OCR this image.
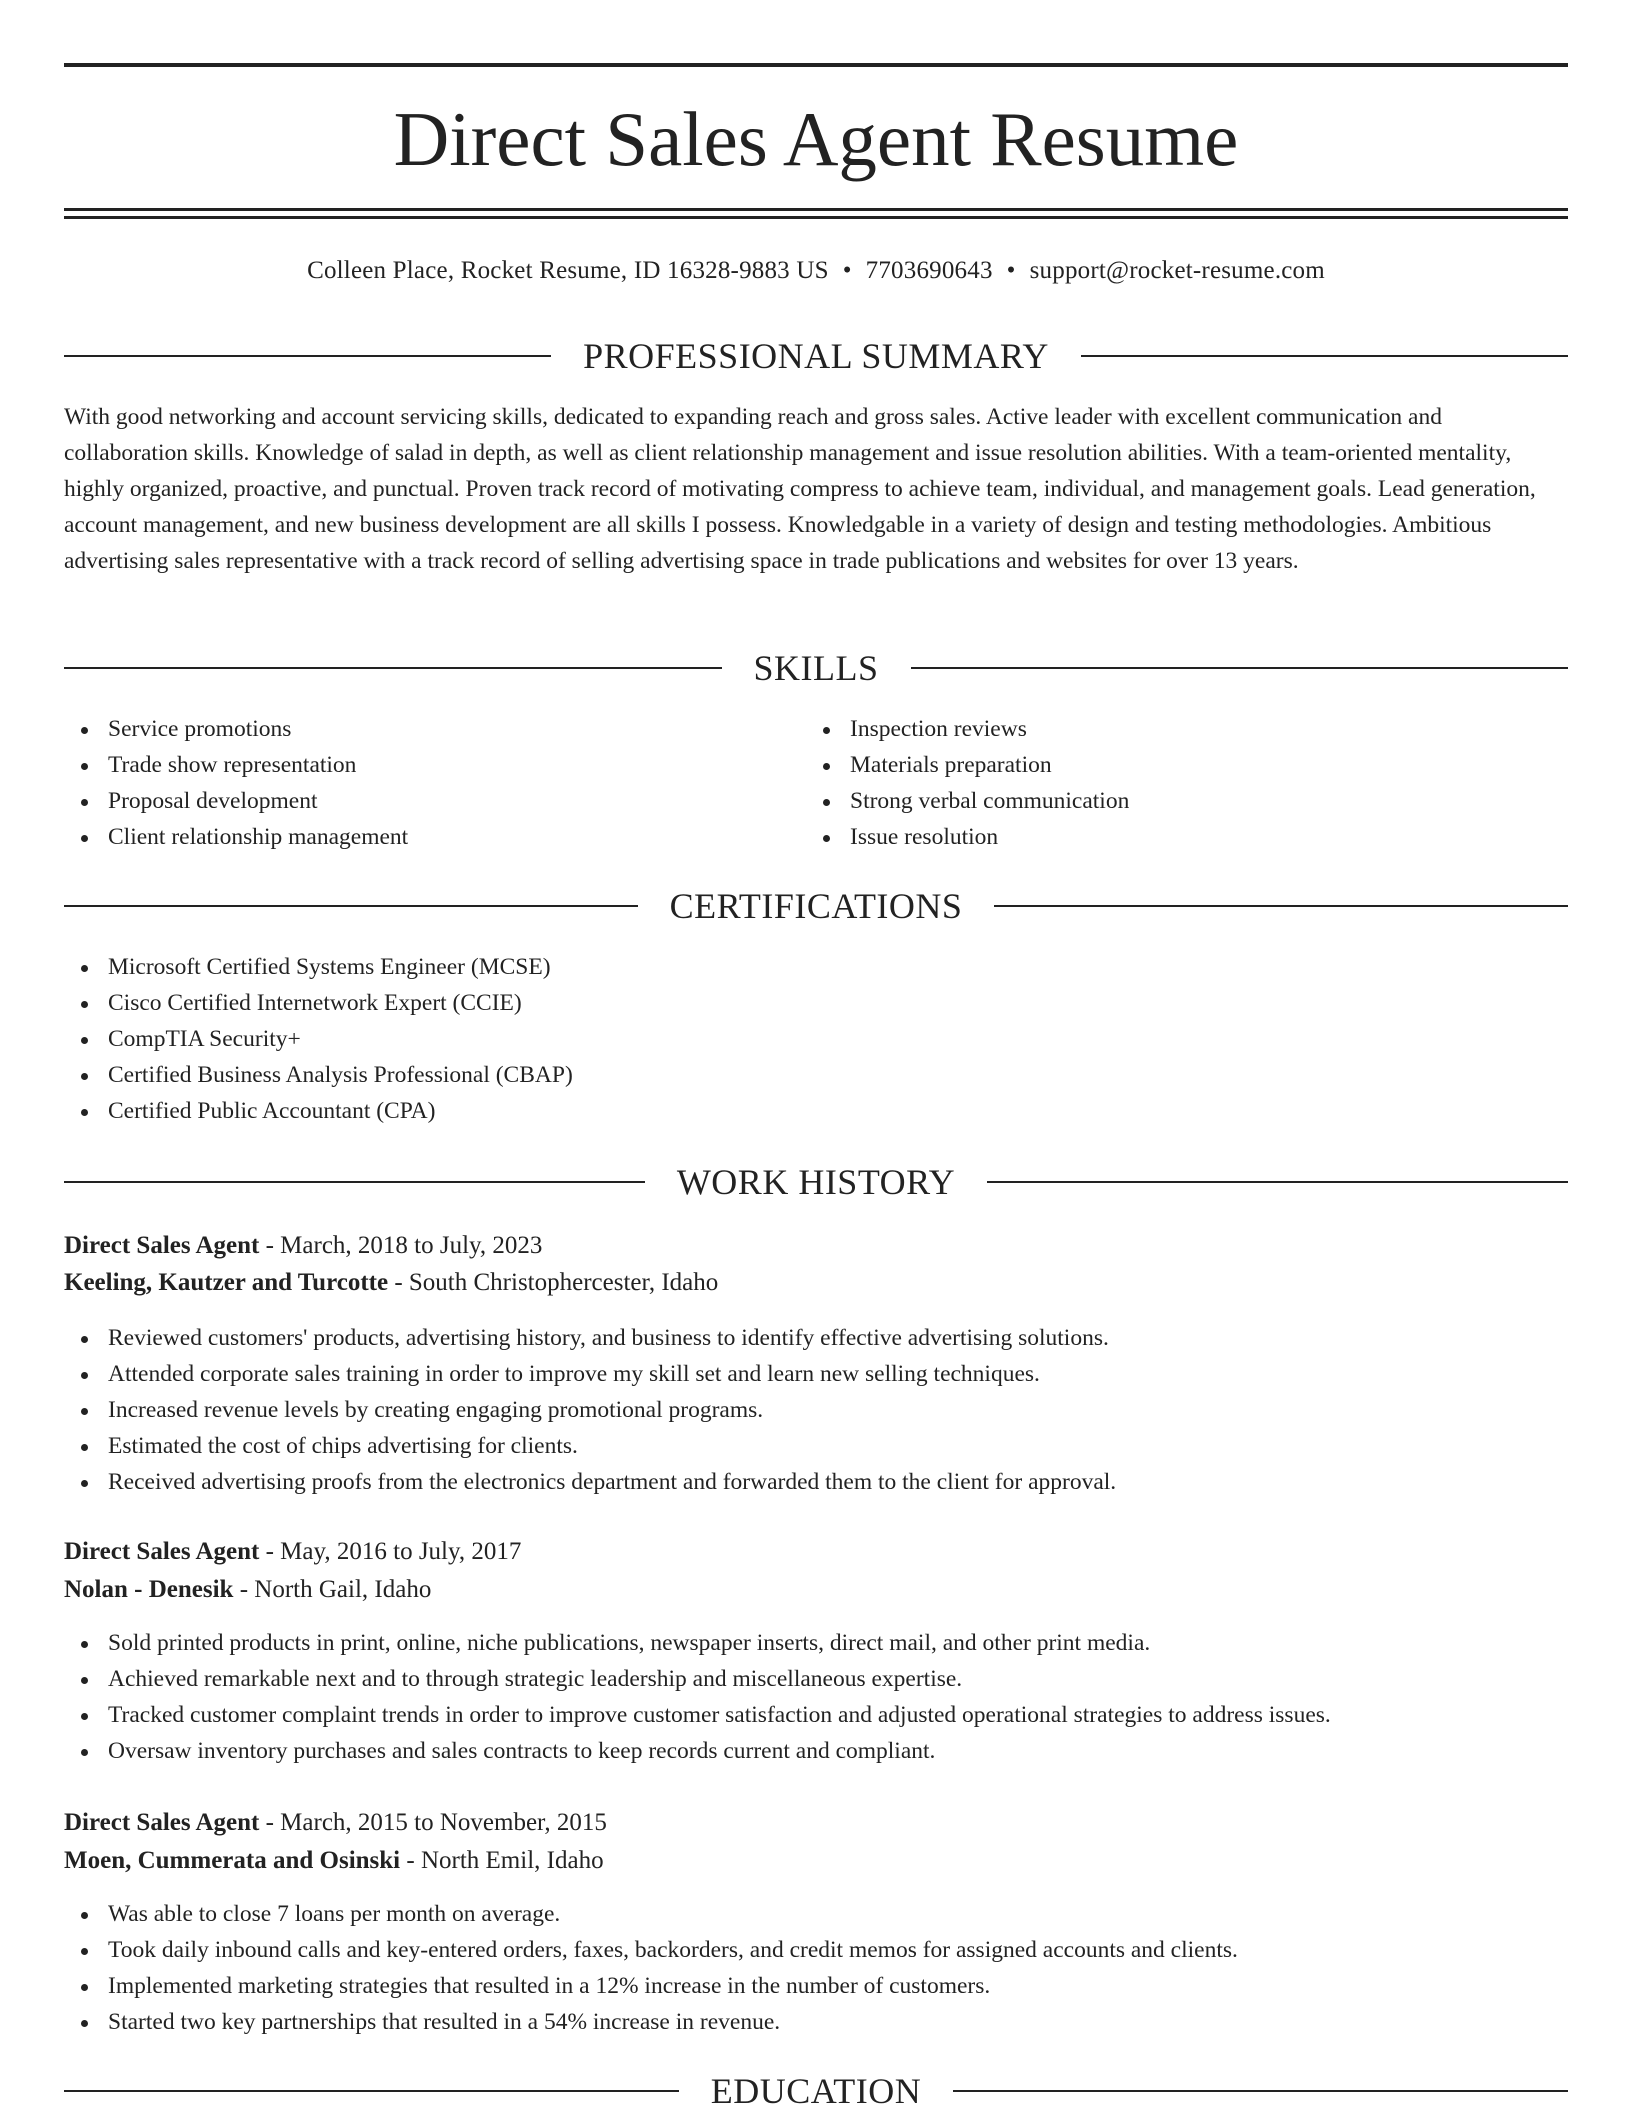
Direct Sales Agent Resume
Colleen Place, Rocket Resume, ID 16328-9883 US • 7703690643 • support@rocket-resume.com
PROFESSIONAL SUMMARY

With good networking and account servicing skills, dedicated to expanding reach and gross sales. Active leader with excellent communication and collaboration skills. Knowledge of salad in depth, as well as client relationship management and issue resolution abilities. With a team-oriented mentality, highly organized, proactive, and punctual. Proven track record of motivating compress to achieve team, individual, and management goals. Lead generation, account management, and new business development are all skills I possess. Knowledgable in a variety of design and testing methodologies. Ambitious advertising sales representative with a track record of selling advertising space in trade publications and websites for over 13 years.

SKILLS
Service promotions
Trade show representation
Proposal development
Client relationship management
Inspection reviews
Materials preparation
Strong verbal communication
Issue resolution
CERTIFICATIONS
Microsoft Certified Systems Engineer (MCSE)
Cisco Certified Internetwork Expert (CCIE)
CompTIA Security+
Certified Business Analysis Professional (CBAP)
Certified Public Accountant (CPA)
WORK HISTORY
Direct Sales Agent - March, 2018 to July, 2023
Keeling, Kautzer and Turcotte - South Christophercester, Idaho
Reviewed customers' products, advertising history, and business to identify effective advertising solutions.
Attended corporate sales training in order to improve my skill set and learn new selling techniques.
Increased revenue levels by creating engaging promotional programs.
Estimated the cost of chips advertising for clients.
Received advertising proofs from the electronics department and forwarded them to the client for approval.
Direct Sales Agent - May, 2016 to July, 2017
Nolan - Denesik - North Gail, Idaho
Sold printed products in print, online, niche publications, newspaper inserts, direct mail, and other print media.
Achieved remarkable next and to through strategic leadership and miscellaneous expertise.
Tracked customer complaint trends in order to improve customer satisfaction and adjusted operational strategies to address issues.
Oversaw inventory purchases and sales contracts to keep records current and compliant.
Direct Sales Agent - March, 2015 to November, 2015
Moen, Cummerata and Osinski - North Emil, Idaho
Was able to close 7 loans per month on average.
Took daily inbound calls and key-entered orders, faxes, backorders, and credit memos for assigned accounts and clients.
Implemented marketing strategies that resulted in a 12% increase in the number of customers.
Started two key partnerships that resulted in a 54% increase in revenue.
EDUCATION
